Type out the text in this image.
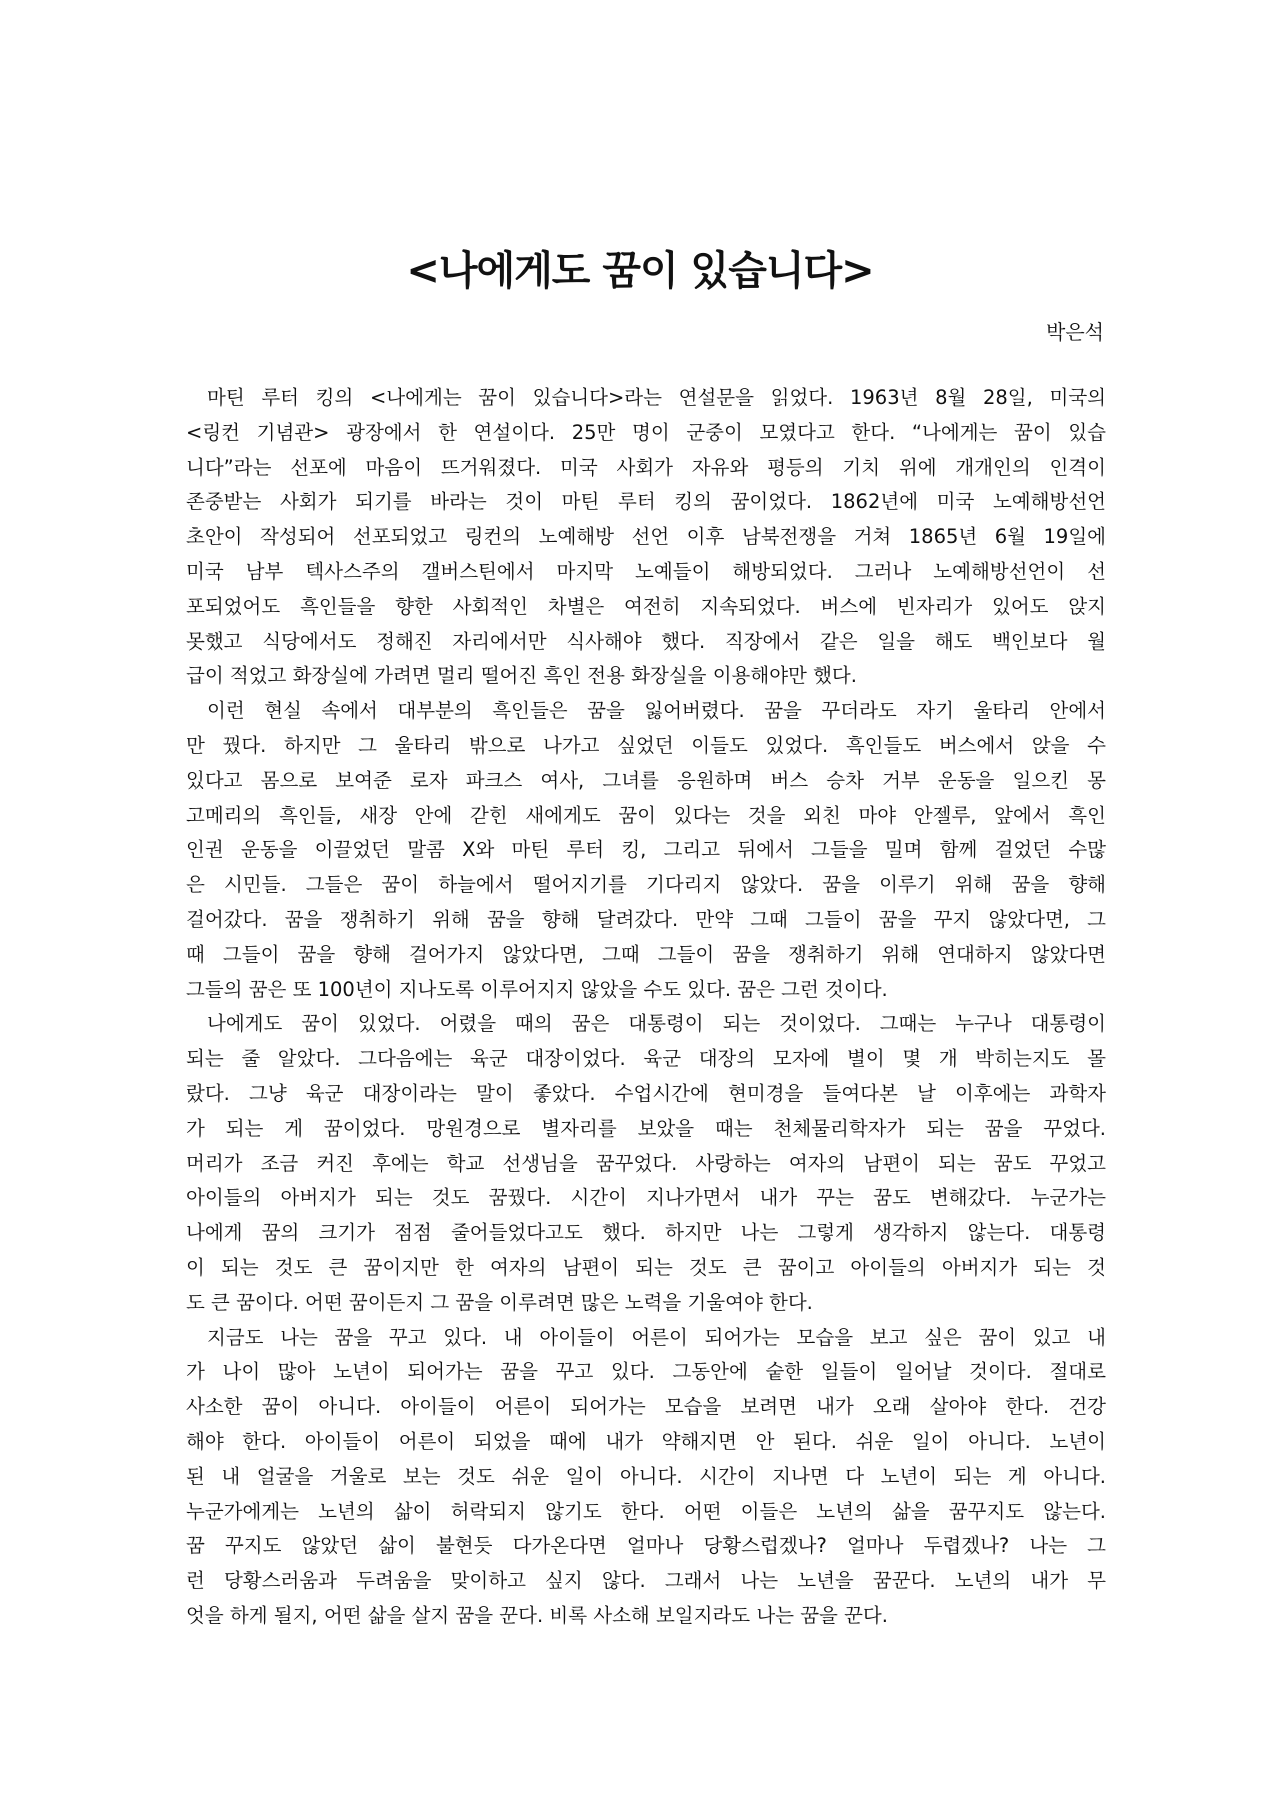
<나에게도 꿈이 있습니다>
박은석
마틴 루터 킹의 <나에게는 꿈이 있습니다>라는 연설문을 읽었다. 1963년 8월 28일, 미국의
<링컨 기념관> 광장에서 한 연설이다. 25만 명이 군중이 모였다고 한다. “나에게는 꿈이 있습
니다”라는 선포에 마음이 뜨거워졌다. 미국 사회가 자유와 평등의 기치 위에 개개인의 인격이
존중받는 사회가 되기를 바라는 것이 마틴 루터 킹의 꿈이었다. 1862년에 미국 노예해방선언
초안이 작성되어 선포되었고 링컨의 노예해방 선언 이후 남북전쟁을 거쳐 1865년 6월 19일에
미국 남부 텍사스주의 갤버스틴에서 마지막 노예들이 해방되었다. 그러나 노예해방선언이 선
포되었어도 흑인들을 향한 사회적인 차별은 여전히 지속되었다. 버스에 빈자리가 있어도 앉지
못했고 식당에서도 정해진 자리에서만 식사해야 했다. 직장에서 같은 일을 해도 백인보다 월
급이 적었고 화장실에 가려면 멀리 떨어진 흑인 전용 화장실을 이용해야만 했다.
이런 현실 속에서 대부분의 흑인들은 꿈을 잃어버렸다. 꿈을 꾸더라도 자기 울타리 안에서
만 꿨다. 하지만 그 울타리 밖으로 나가고 싶었던 이들도 있었다. 흑인들도 버스에서 앉을 수
있다고 몸으로 보여준 로자 파크스 여사, 그녀를 응원하며 버스 승차 거부 운동을 일으킨 몽
고메리의 흑인들, 새장 안에 갇힌 새에게도 꿈이 있다는 것을 외친 마야 안젤루, 앞에서 흑인
인권 운동을 이끌었던 말콤 X와 마틴 루터 킹, 그리고 뒤에서 그들을 밀며 함께 걸었던 수많
은 시민들. 그들은 꿈이 하늘에서 떨어지기를 기다리지 않았다. 꿈을 이루기 위해 꿈을 향해
걸어갔다. 꿈을 쟁취하기 위해 꿈을 향해 달려갔다. 만약 그때 그들이 꿈을 꾸지 않았다면, 그
때 그들이 꿈을 향해 걸어가지 않았다면, 그때 그들이 꿈을 쟁취하기 위해 연대하지 않았다면
그들의 꿈은 또 100년이 지나도록 이루어지지 않았을 수도 있다. 꿈은 그런 것이다.
나에게도 꿈이 있었다. 어렸을 때의 꿈은 대통령이 되는 것이었다. 그때는 누구나 대통령이
되는 줄 알았다. 그다음에는 육군 대장이었다. 육군 대장의 모자에 별이 몇 개 박히는지도 몰
랐다. 그냥 육군 대장이라는 말이 좋았다. 수업시간에 현미경을 들여다본 날 이후에는 과학자
가 되는 게 꿈이었다. 망원경으로 별자리를 보았을 때는 천체물리학자가 되는 꿈을 꾸었다.
머리가 조금 커진 후에는 학교 선생님을 꿈꾸었다. 사랑하는 여자의 남편이 되는 꿈도 꾸었고
아이들의 아버지가 되는 것도 꿈꿨다. 시간이 지나가면서 내가 꾸는 꿈도 변해갔다. 누군가는
나에게 꿈의 크기가 점점 줄어들었다고도 했다. 하지만 나는 그렇게 생각하지 않는다. 대통령
이 되는 것도 큰 꿈이지만 한 여자의 남편이 되는 것도 큰 꿈이고 아이들의 아버지가 되는 것
도 큰 꿈이다. 어떤 꿈이든지 그 꿈을 이루려면 많은 노력을 기울여야 한다.
지금도 나는 꿈을 꾸고 있다. 내 아이들이 어른이 되어가는 모습을 보고 싶은 꿈이 있고 내
가 나이 많아 노년이 되어가는 꿈을 꾸고 있다. 그동안에 숱한 일들이 일어날 것이다. 절대로
사소한 꿈이 아니다. 아이들이 어른이 되어가는 모습을 보려면 내가 오래 살아야 한다. 건강
해야 한다. 아이들이 어른이 되었을 때에 내가 약해지면 안 된다. 쉬운 일이 아니다. 노년이
된 내 얼굴을 거울로 보는 것도 쉬운 일이 아니다. 시간이 지나면 다 노년이 되는 게 아니다.
누군가에게는 노년의 삶이 허락되지 않기도 한다. 어떤 이들은 노년의 삶을 꿈꾸지도 않는다.
꿈 꾸지도 않았던 삶이 불현듯 다가온다면 얼마나 당황스럽겠나? 얼마나 두렵겠나? 나는 그
런 당황스러움과 두려움을 맞이하고 싶지 않다. 그래서 나는 노년을 꿈꾼다. 노년의 내가 무
엇을 하게 될지, 어떤 삶을 살지 꿈을 꾼다. 비록 사소해 보일지라도 나는 꿈을 꾼다.
